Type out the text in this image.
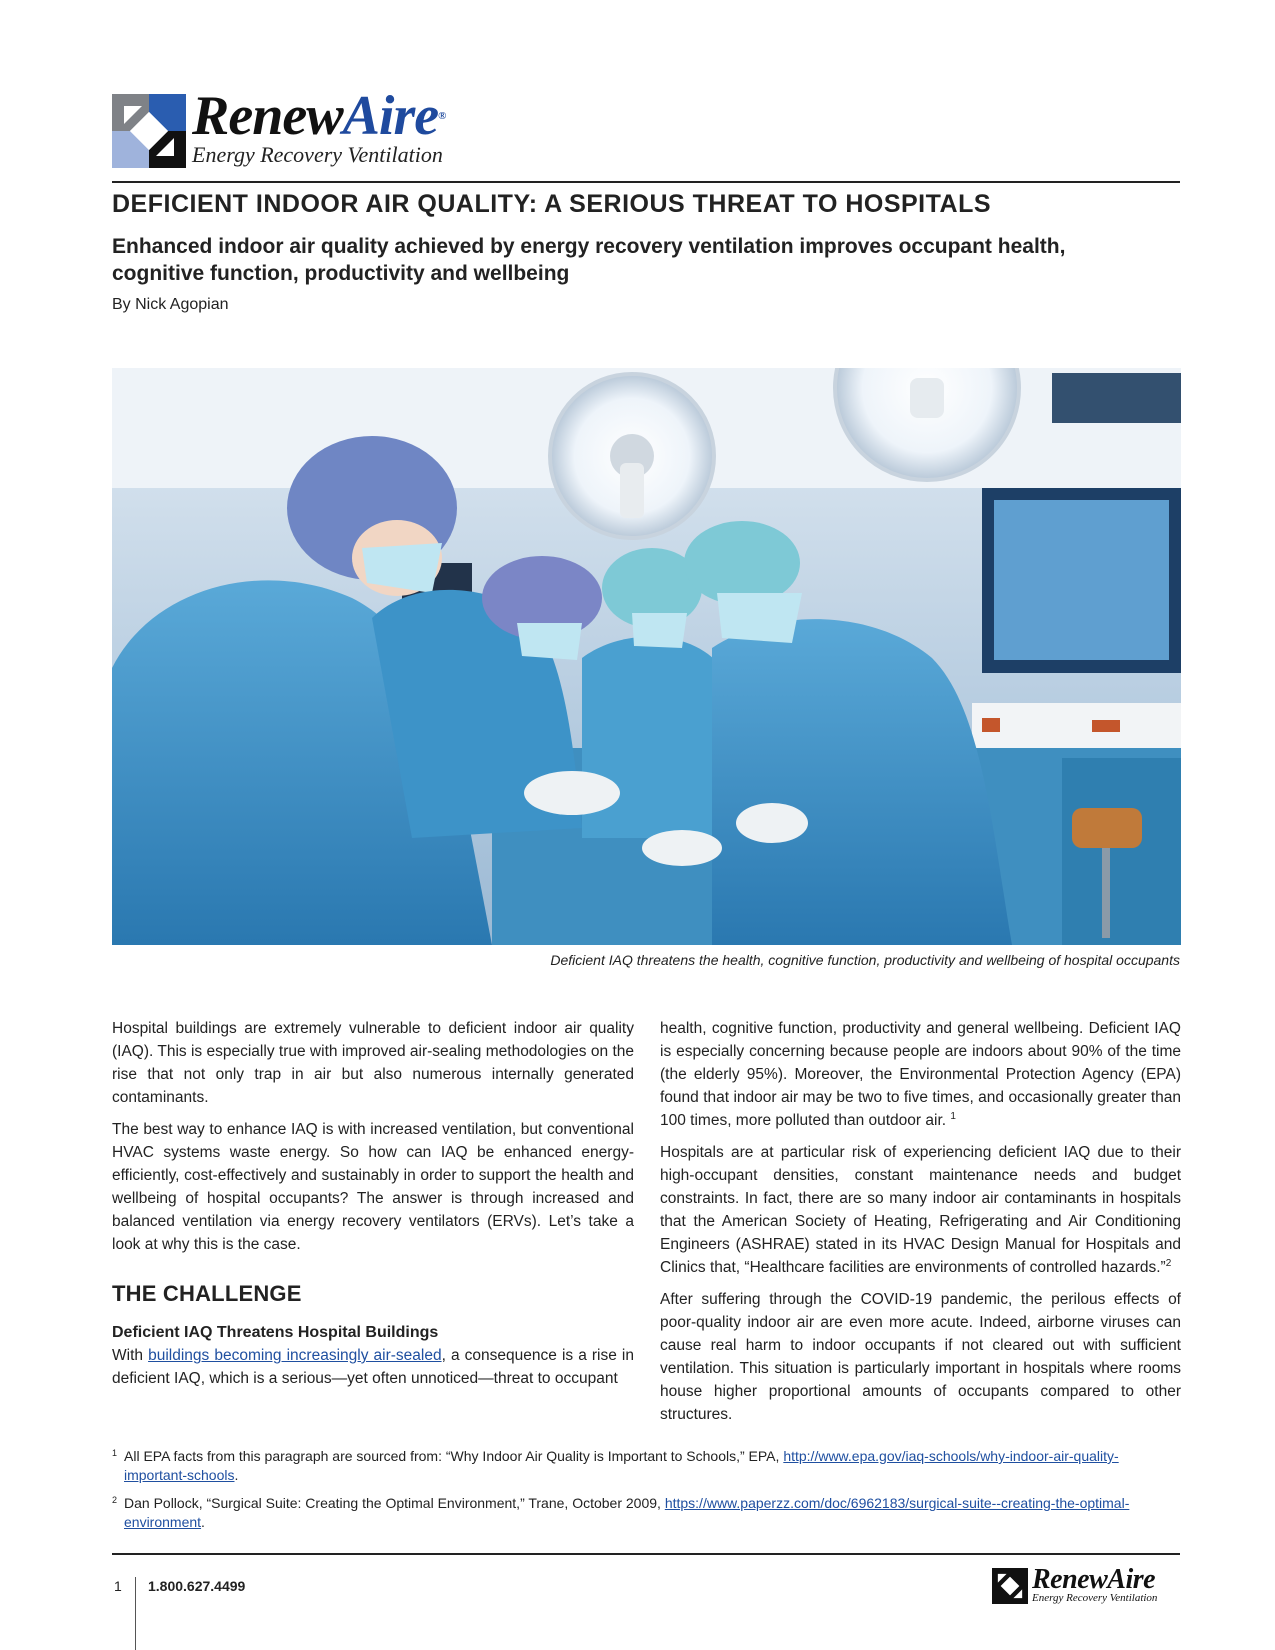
RenewAire®
Energy Recovery Ventilation
DEFICIENT INDOOR AIR QUALITY: A SERIOUS THREAT TO HOSPITALS
Enhanced indoor air quality achieved by energy recovery ventilation improves occupant health, cognitive function, productivity and wellbeing
By Nick Agopian
Deficient IAQ threatens the health, cognitive function, productivity and wellbeing of hospital occupants

Hospital buildings are extremely vulnerable to deficient indoor air quality (IAQ). This is especially true with improved air-sealing methodologies on the rise that not only trap in air but also numerous internally generated contaminants.

The best way to enhance IAQ is with increased ventilation, but conventional HVAC systems waste energy. So how can IAQ be enhanced energy-efficiently, cost-effectively and sustainably in order to support the health and wellbeing of hospital occupants? The answer is through increased and balanced ventilation via energy recovery ventilators (ERVs). Let’s take a look at why this is the case.

THE CHALLENGE
Deficient IAQ Threatens Hospital Buildings

With buildings becoming increasingly air-sealed, a consequence is a rise in deficient IAQ, which is a serious—yet often unnoticed—threat to occupant

health, cognitive function, productivity and general wellbeing. Deficient IAQ is especially concerning because people are indoors about 90% of the time (the elderly 95%). Moreover, the Environmental Protection Agency (EPA) found that indoor air may be two to five times, and occasionally greater than 100 times, more polluted than outdoor air. $^1$

Hospitals are at particular risk of experiencing deficient IAQ due to their high-occupant densities, constant maintenance needs and budget constraints. In fact, there are so many indoor air contaminants in hospitals that the American Society of Heating, Refrigerating and Air Conditioning Engineers (ASHRAE) stated in its HVAC Design Manual for Hospitals and Clinics that, “Healthcare facilities are environments of controlled hazards.”$^2$

After suffering through the COVID-19 pandemic, the perilous effects of poor-quality indoor air are even more acute. Indeed, airborne viruses can cause real harm to indoor occupants if not cleared out with sufficient ventilation. This situation is particularly important in hospitals where rooms house higher proportional amounts of occupants compared to other structures.

1 All EPA facts from this paragraph are sourced from: “Why Indoor Air Quality is Important to Schools,” EPA, http://www.epa.gov/iaq-schools/why-indoor-air-quality-important-schools.
2 Dan Pollock, “Surgical Suite: Creating the Optimal Environment,” Trane, October 2009, https://www.paperzz.com/doc/6962183/surgical-suite--creating-the-optimal-environment.
1 1.800.627.4499	RenewAire
Energy Recovery Ventilation
